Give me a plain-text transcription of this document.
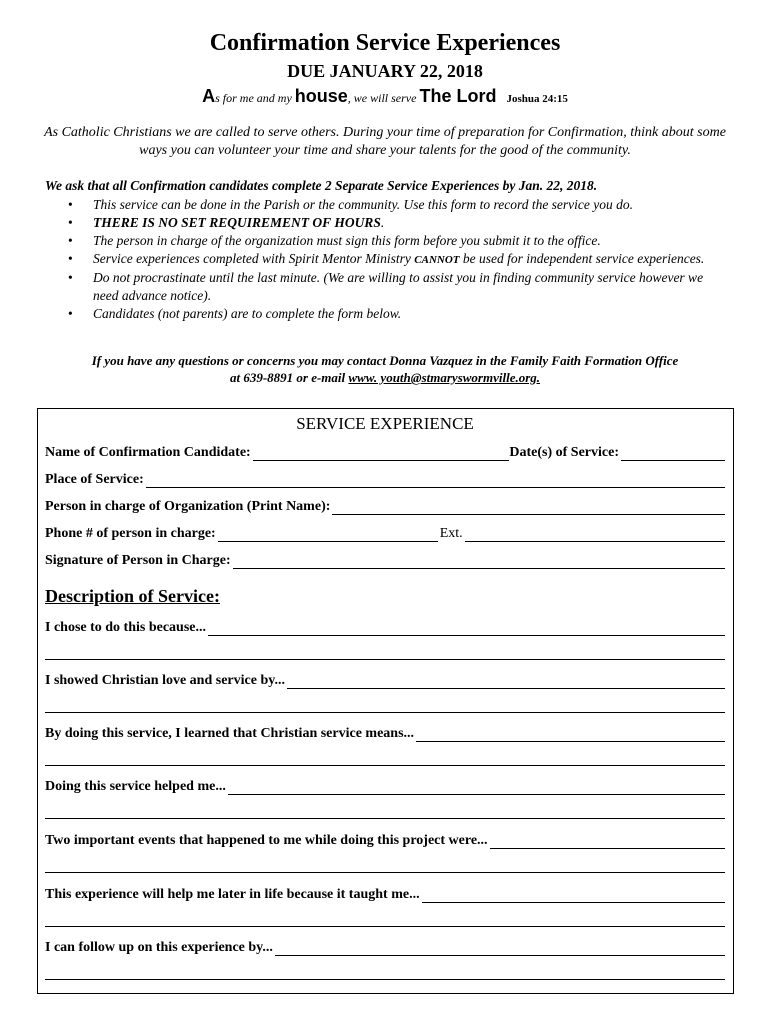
Confirmation Service Experiences
DUE JANUARY 22, 2018
As for me and my house, we will serve The Lord Joshua 24:15
As Catholic Christians we are called to serve others. During your time of preparation for Confirmation, think about some ways you can volunteer your time and share your talents for the good of the community.
We ask that all Confirmation candidates complete 2 Separate Service Experiences by Jan. 22, 2018.
• This service can be done in the Parish or the community. Use this form to record the service you do.
• THERE IS NO SET REQUIREMENT OF HOURS.
• The person in charge of the organization must sign this form before you submit it to the office.
• Service experiences completed with Spirit Mentor Ministry CANNOT be used for independent service experiences.
• Do not procrastinate until the last minute. (We are willing to assist you in finding community service however we need advance notice).
• Candidates (not parents) are to complete the form below.
If you have any questions or concerns you may contact Donna Vazquez in the Family Faith Formation Office
at 639-8891 or e-mail www. youth@stmaryswormville.org.
SERVICE EXPERIENCE
Name of Confirmation Candidate:	Date(s) of Service:
Place of Service:
Person in charge of Organization (Print Name):
Phone # of person in charge:	Ext.
Signature of Person in Charge:
Description of Service:
I chose to do this because...
I showed Christian love and service by...
By doing this service, I learned that Christian service means...
Doing this service helped me...
Two important events that happened to me while doing this project were...
This experience will help me later in life because it taught me...
I can follow up on this experience by...
